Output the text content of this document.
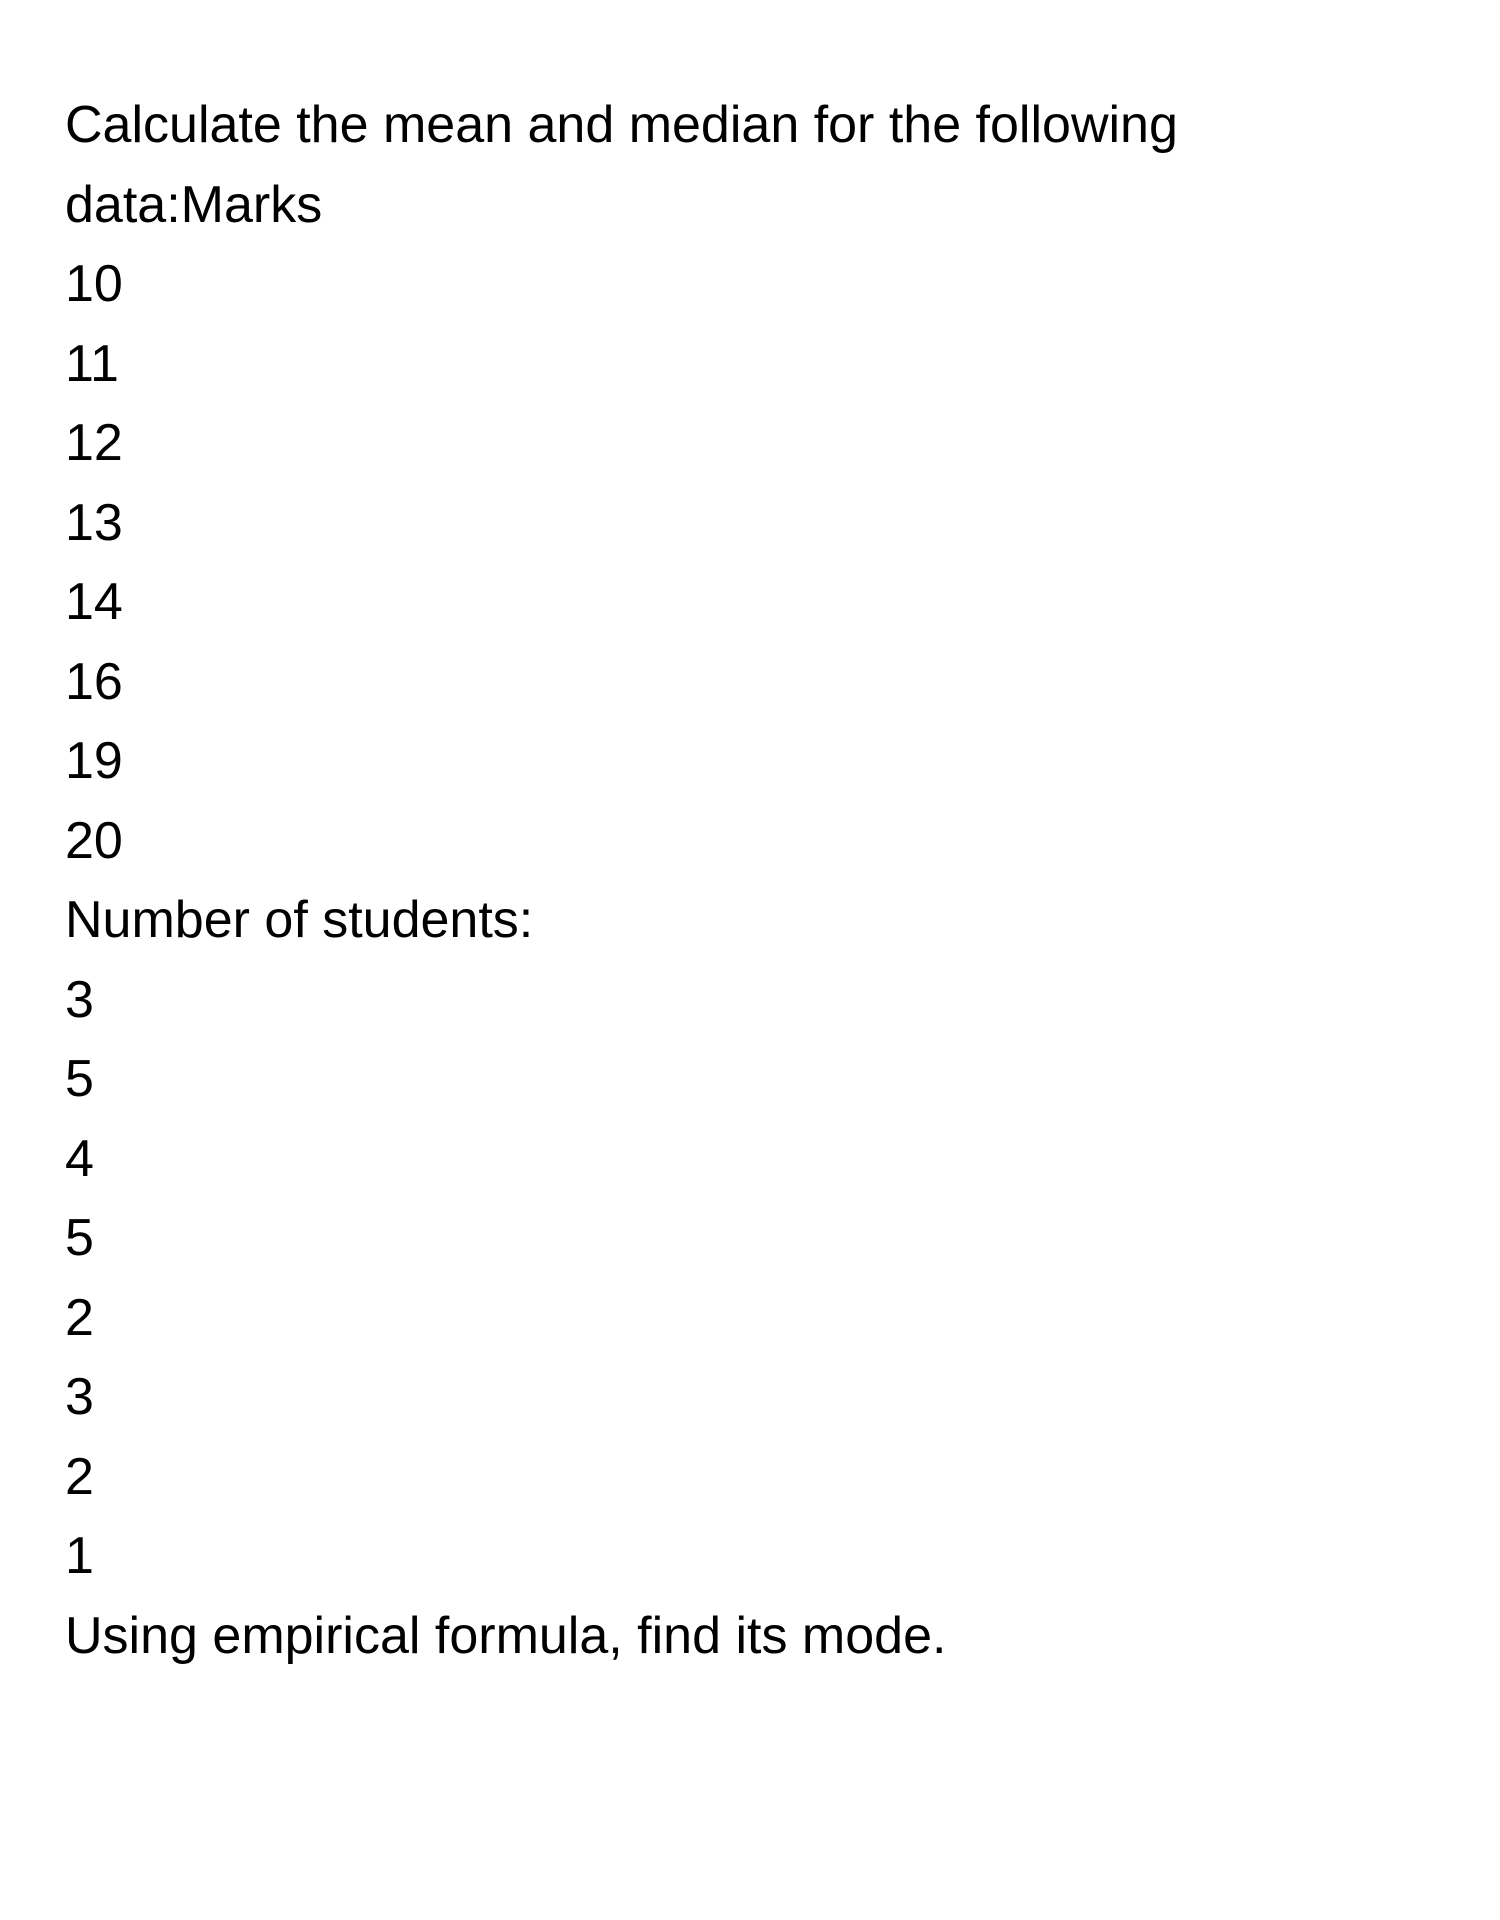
Calculate the mean and median for the following
data:Marks
10
11
12
13
14
16
19
20
Number of students:
3
5
4
5
2
3
2
1
Using empirical formula, find its mode.
